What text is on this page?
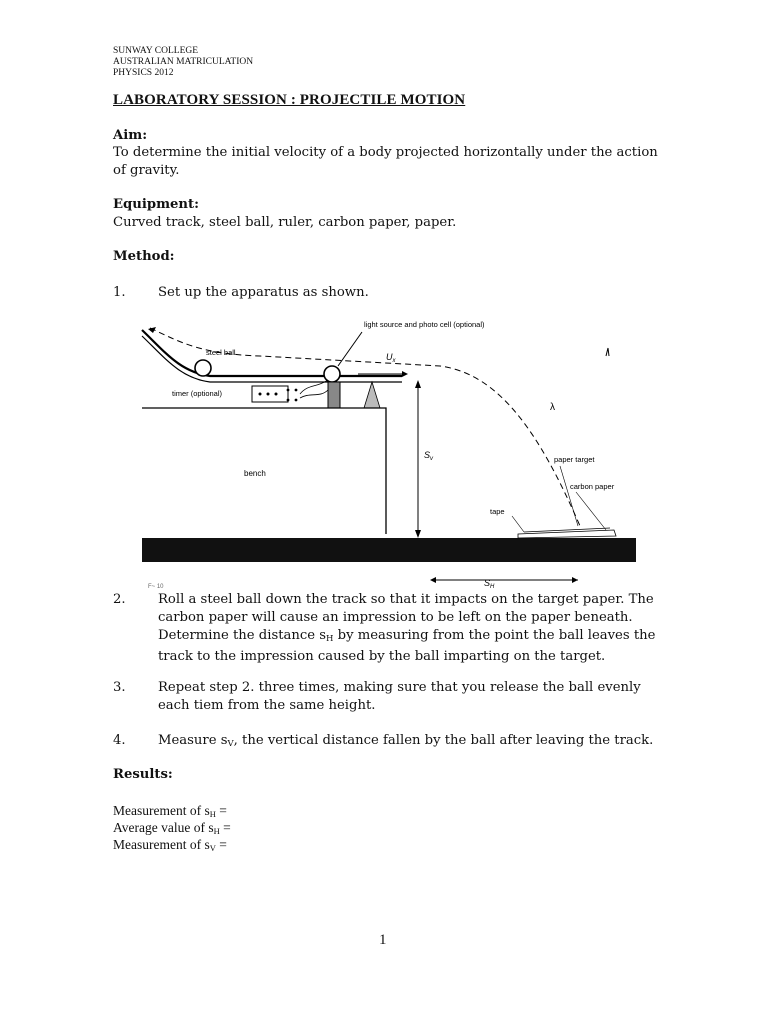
SUNWAY COLLEGE
AUSTRALIAN MATRICULATION
PHYSICS 2012
LABORATORY SESSION : PROJECTILE MOTION
Aim:
To determine the initial velocity of a body projected horizontally under the action of gravity.
Equipment:
Curved track, steel ball, ruler, carbon paper, paper.
Method:
1. Set up the apparatus as shown.
light source and photo cell (optional)
steel ball	$U_x$
timer (optional)
bench
$S_v$	paper target
carbon paper
tape
$S_H$
F~ 10
λ
2. Roll a steel ball down the track so that it impacts on the target paper. The carbon paper will cause an impression to be left on the paper beneath. Determine the distance $s_H$ by measuring from the point the ball leaves the track to the impression caused by the ball imparting on the target.
3. Repeat step 2. three times, making sure that you release the ball evenly each tiem from the same height.
4. Measure $s_V$, the vertical distance fallen by the ball after leaving the track.
Results:
Measurement of $s_H$ =
Average value of $s_H$ =
Measurement of $s_V$ =
1
